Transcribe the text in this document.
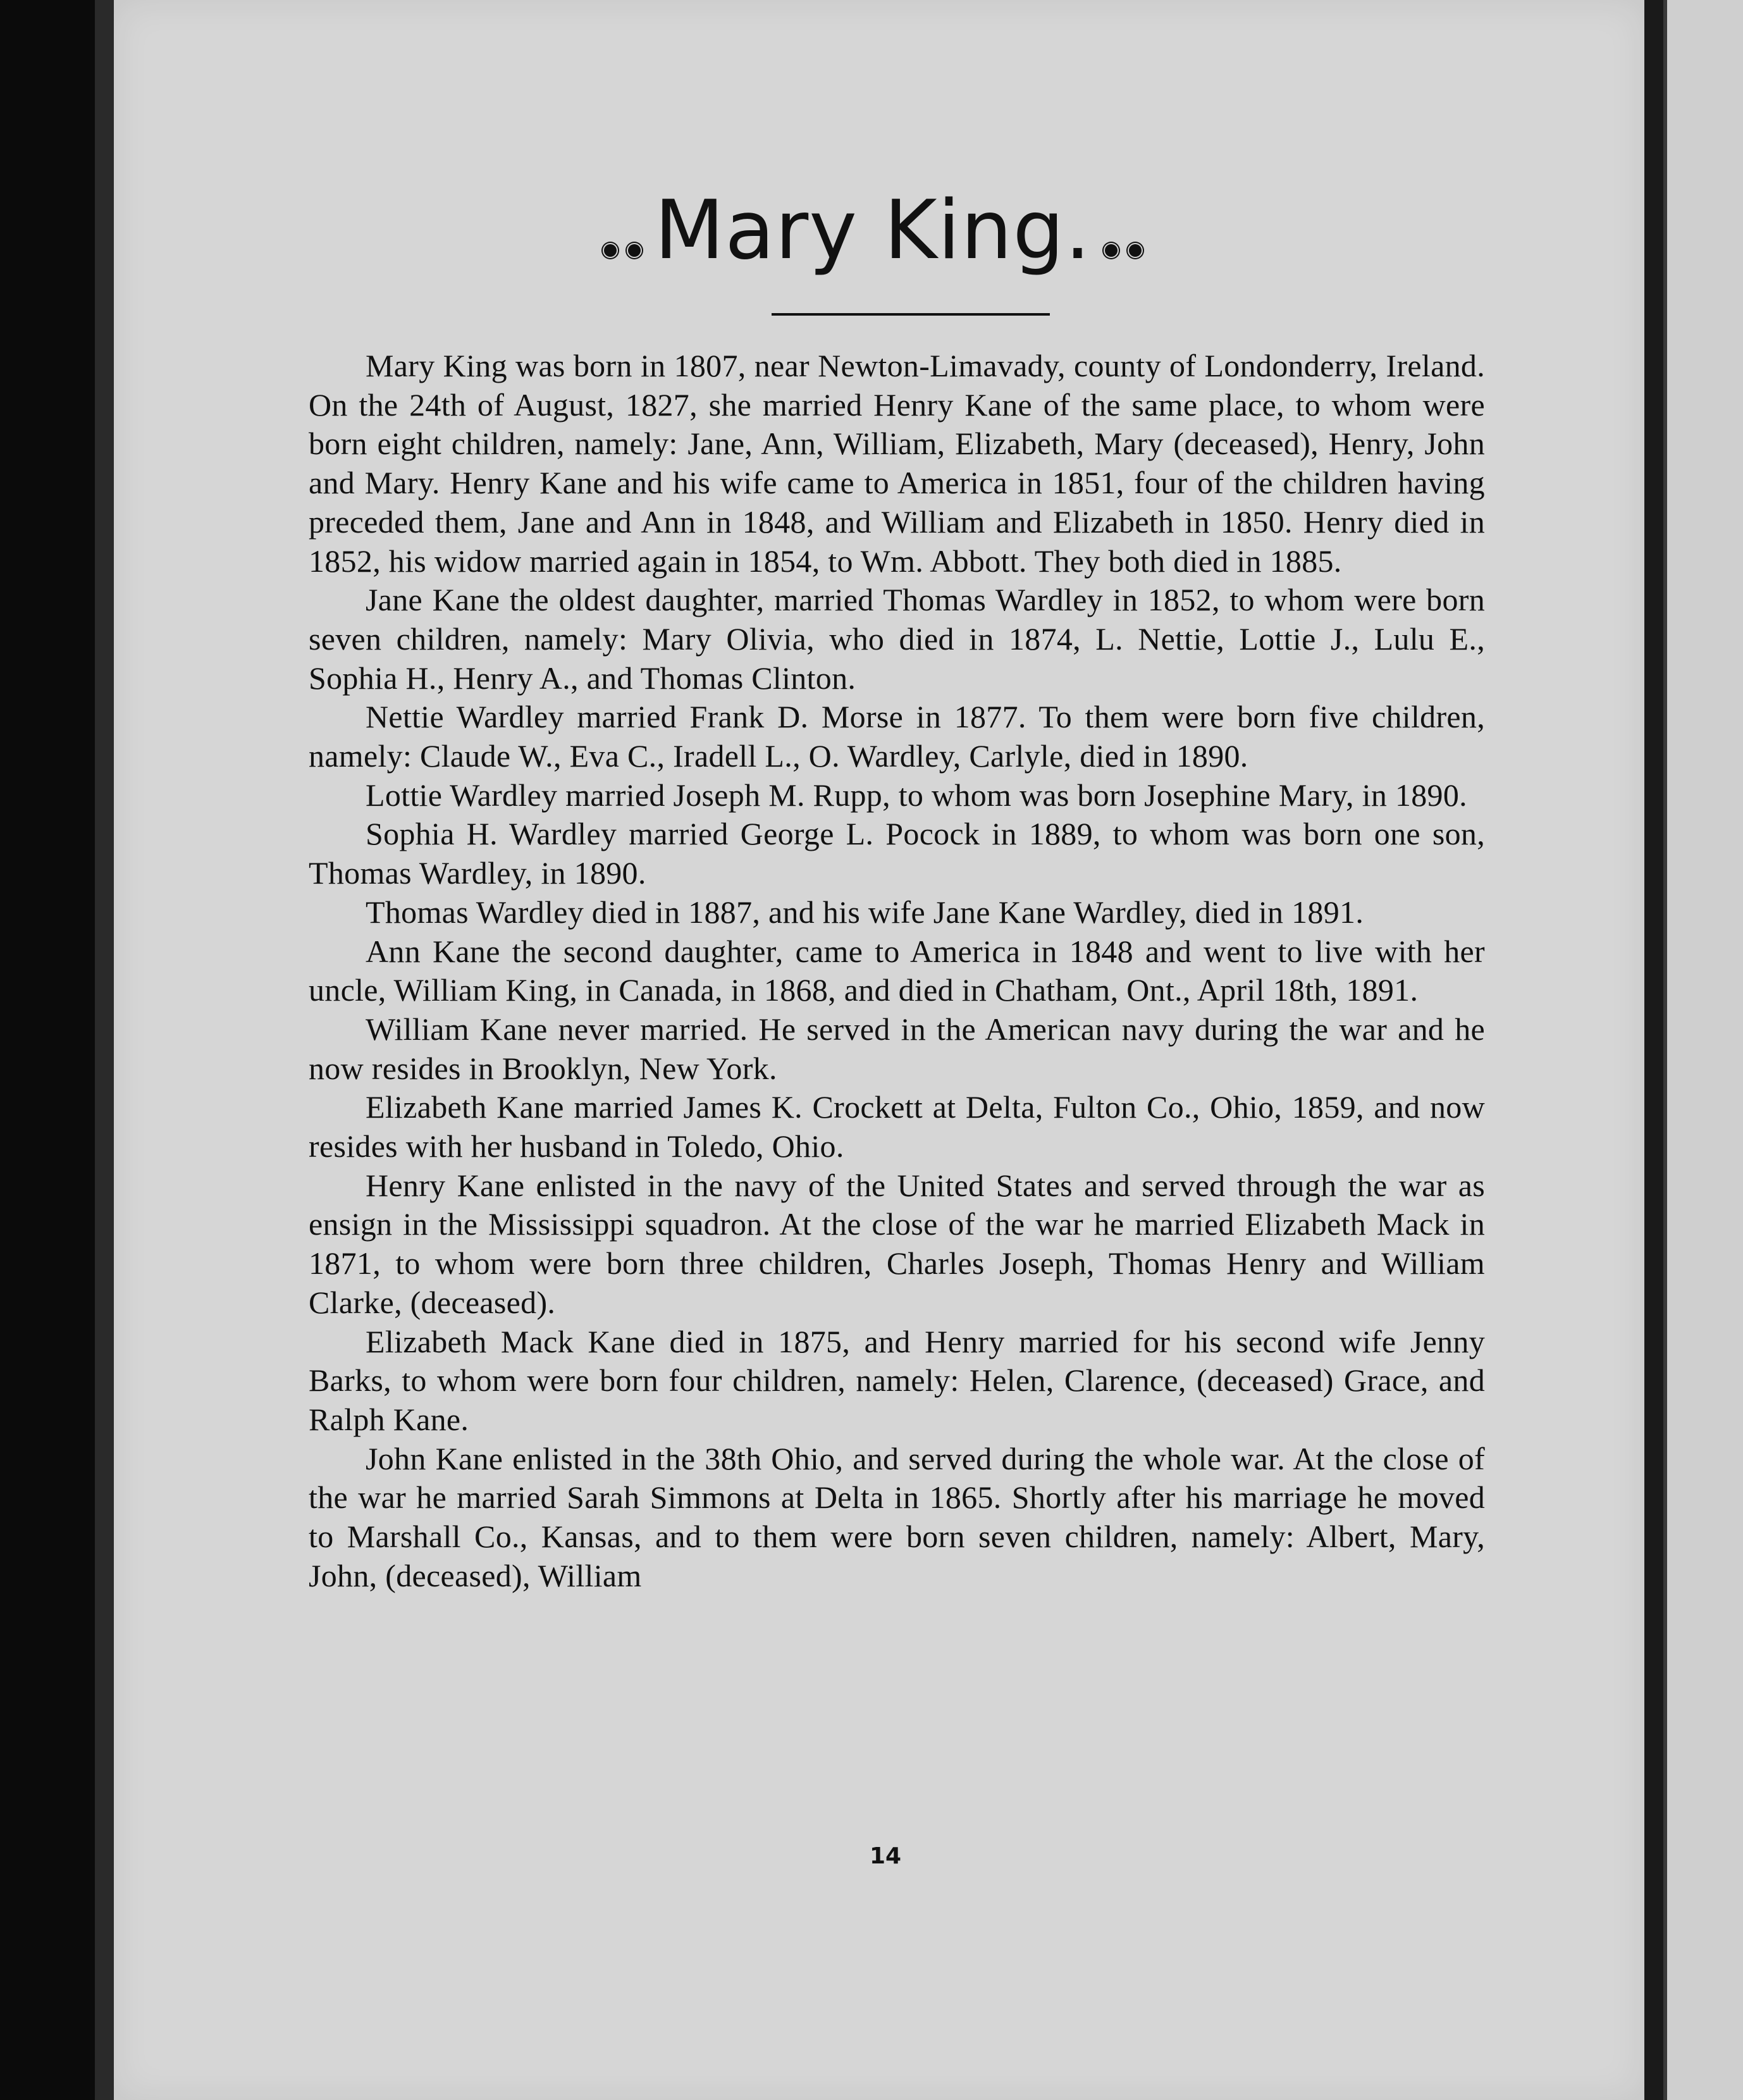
Mary King.

Mary King was born in 1807, near Newton-Limavady, county of Londonderry, Ireland. On the 24th of August, 1827, she married Henry Kane of the same place, to whom were born eight children, namely: Jane, Ann, William, Elizabeth, Mary (deceased), Henry, John and Mary. Henry Kane and his wife came to America in 1851, four of the children having preceded them, Jane and Ann in 1848, and William and Elizabeth in 1850. Henry died in 1852, his widow married again in 1854, to Wm. Abbott. They both died in 1885.

Jane Kane the oldest daughter, married Thomas Wardley in 1852, to whom were born seven children, namely: Mary Olivia, who died in 1874, L. Nettie, Lottie J., Lulu E., Sophia H., Henry A., and Thomas Clinton.

Nettie Wardley married Frank D. Morse in 1877. To them were born five children, namely: Claude W., Eva C., Iradell L., O. Wardley, Carlyle, died in 1890.

Lottie Wardley married Joseph M. Rupp, to whom was born Josephine Mary, in 1890.

Sophia H. Wardley married George L. Pocock in 1889, to whom was born one son, Thomas Wardley, in 1890.

Thomas Wardley died in 1887, and his wife Jane Kane Wardley, died in 1891.

Ann Kane the second daughter, came to America in 1848 and went to live with her uncle, William King, in Canada, in 1868, and died in Chatham, Ont., April 18th, 1891.

William Kane never married. He served in the American navy during the war and he now resides in Brooklyn, New York.

Elizabeth Kane married James K. Crockett at Delta, Fulton Co., Ohio, 1859, and now resides with her husband in Toledo, Ohio.

Henry Kane enlisted in the navy of the United States and served through the war as ensign in the Mississippi squadron. At the close of the war he married Elizabeth Mack in 1871, to whom were born three children, Charles Joseph, Thomas Henry and William Clarke, (deceased).

Elizabeth Mack Kane died in 1875, and Henry married for his second wife Jenny Barks, to whom were born four children, namely: Helen, Clarence, (deceased) Grace, and Ralph Kane.

John Kane enlisted in the 38th Ohio, and served during the whole war. At the close of the war he married Sarah Simmons at Delta in 1865. Shortly after his marriage he moved to Marshall Co., Kansas, and to them were born seven children, namely: Albert, Mary, John, (deceased), William

14
